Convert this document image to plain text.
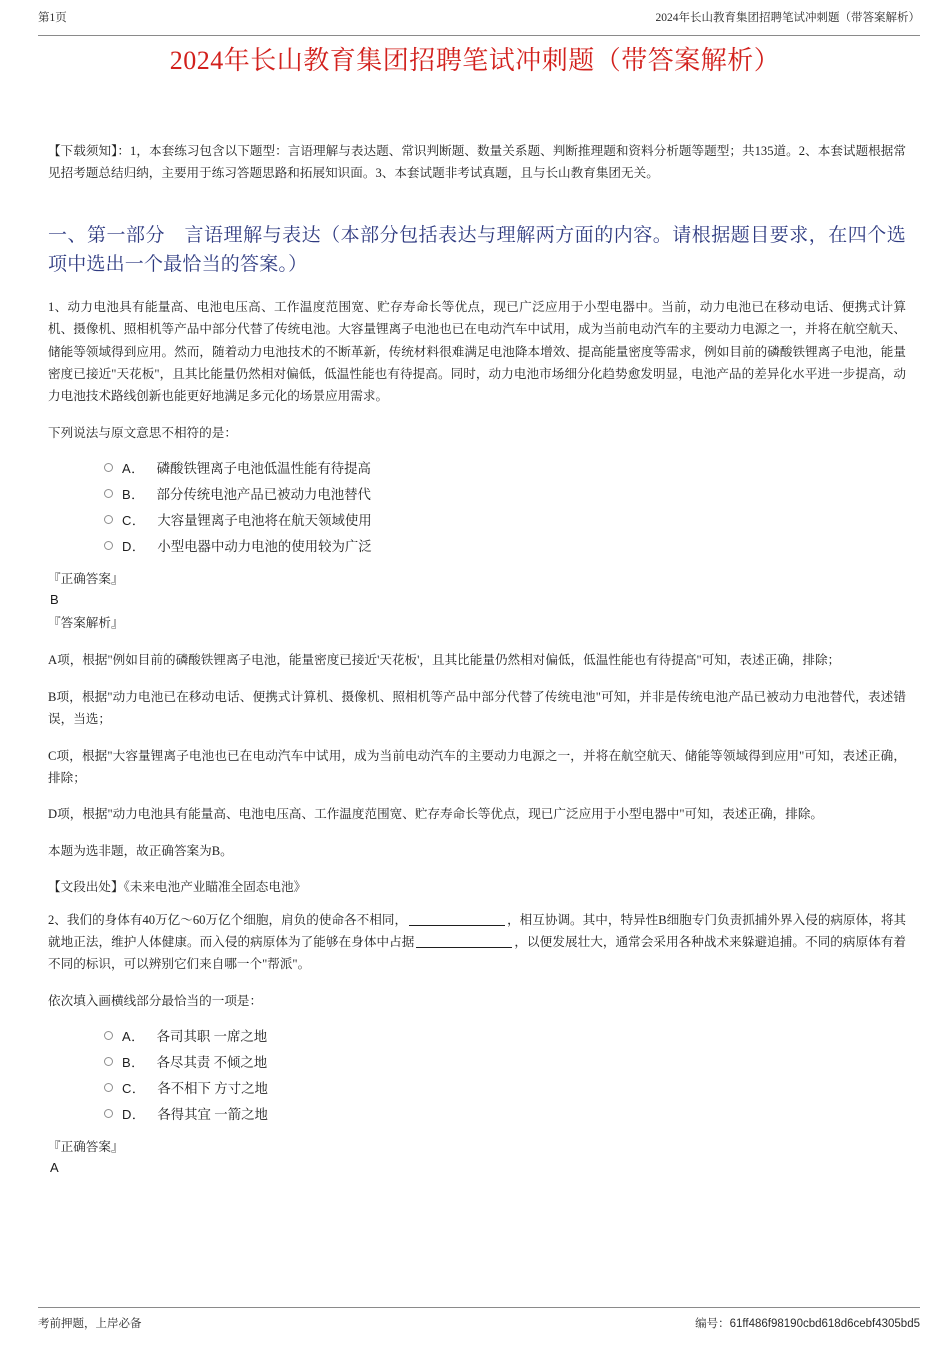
第1页	2024年长山教育集团招聘笔试冲刺题（带答案解析）
2024年长山教育集团招聘笔试冲刺题（带答案解析）

【下载须知】：1，本套练习包含以下题型：言语理解与表达题、常识判断题、数量关系题、判断推理题和资料分析题等题型；共135道。2、本套试题根据常见招考题总结归纳，主要用于练习答题思路和拓展知识面。3、本套试题非考试真题，且与长山教育集团无关。

一、第一部分　言语理解与表达（本部分包括表达与理解两方面的内容。请根据题目要求，在四个选项中选出一个最恰当的答案。）

1、动力电池具有能量高、电池电压高、工作温度范围宽、贮存寿命长等优点，现已广泛应用于小型电器中。当前，动力电池已在移动电话、便携式计算机、摄像机、照相机等产品中部分代替了传统电池。大容量锂离子电池也已在电动汽车中试用，成为当前电动汽车的主要动力电源之一，并将在航空航天、储能等领域得到应用。然而，随着动力电池技术的不断革新，传统材料很难满足电池降本增效、提高能量密度等需求，例如目前的磷酸铁锂离子电池，能量密度已接近"天花板"，且其比能量仍然相对偏低，低温性能也有待提高。同时，动力电池市场细分化趋势愈发明显，电池产品的差异化水平进一步提高，动力电池技术路线创新也能更好地满足多元化的场景应用需求。

下列说法与原文意思不相符的是：

A． 磷酸铁锂离子电池低温性能有待提高
B． 部分传统电池产品已被动力电池替代
C． 大容量锂离子电池将在航天领域使用
D． 小型电器中动力电池的使用较为广泛

『正确答案』

B

『答案解析』

A项，根据"例如目前的磷酸铁锂离子电池，能量密度已接近'天花板'，且其比能量仍然相对偏低，低温性能也有待提高"可知，表述正确，排除；

B项，根据"动力电池已在移动电话、便携式计算机、摄像机、照相机等产品中部分代替了传统电池"可知，并非是传统电池产品已被动力电池替代，表述错误，当选；

C项，根据"大容量锂离子电池也已在电动汽车中试用，成为当前电动汽车的主要动力电源之一，并将在航空航天、储能等领域得到应用"可知，表述正确，排除；

D项，根据"动力电池具有能量高、电池电压高、工作温度范围宽、贮存寿命长等优点，现已广泛应用于小型电器中"可知，表述正确，排除。

本题为选非题，故正确答案为B。

【文段出处】《未来电池产业瞄准全固态电池》

2、我们的身体有40万亿～60万亿个细胞，肩负的使命各不相同，	，相互协调。其中，特异性B细胞专门负责抓捕外界入侵的病原体，将其就地正法，维护人体健康。而入侵的病原体为了能够在身体中占据	，以便发展壮大，通常会采用各种战术来躲避追捕。不同的病原体有着不同的标识，可以辨别它们来自哪一个"帮派"。

依次填入画横线部分最恰当的一项是：

A． 各司其职 一席之地
B． 各尽其责 不倾之地
C． 各不相下 方寸之地
D． 各得其宜 一箭之地

『正确答案』

A

考前押题，上岸必备	编号：61ff486f98190cbd618d6cebf4305bd5
